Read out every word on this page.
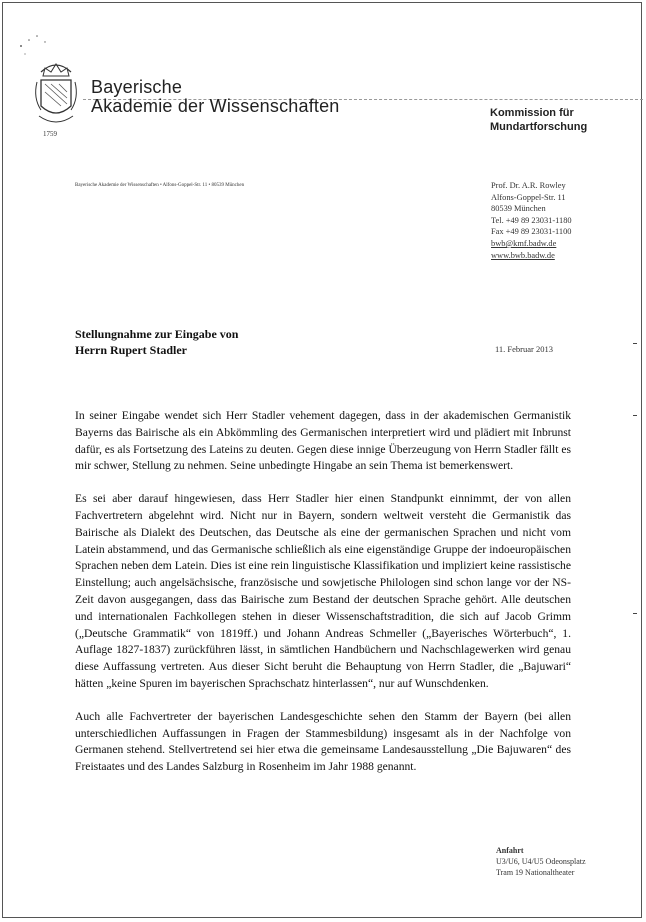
1759
Bayerische
Akademie der Wissenschaften	Kommission für
Mundartforschung
Bayerische Akademie der Wissenschaften • Alfons-Goppel-Str. 11 • 80539 München	Prof. Dr. A.R. Rowley
Alfons-Goppel-Str. 11
80539 München
Tel. +49 89 23031-1180
Fax +49 89 23031-1100
bwb@kmf.badw.de
www.bwb.badw.de
Stellungnahme zur Eingabe von
Herrn Rupert Stadler	11. Februar 2013

In seiner Eingabe wendet sich Herr Stadler vehement dagegen, dass in der akademischen Germanistik Bayerns das Bairische als ein Abkömmling des Germanischen interpretiert wird und plädiert mit Inbrunst dafür, es als Fortsetzung des Lateins zu deuten. Gegen diese innige Überzeugung von Herrn Stadler fällt es mir schwer, Stellung zu nehmen. Seine unbedingte Hingabe an sein Thema ist bemerkenswert.

Es sei aber darauf hingewiesen, dass Herr Stadler hier einen Standpunkt einnimmt, der von allen Fachvertretern abgelehnt wird. Nicht nur in Bayern, sondern weltweit versteht die Germanistik das Bairische als Dialekt des Deutschen, das Deutsche als eine der germanischen Sprachen und nicht vom Latein abstammend, und das Germanische schließlich als eine eigenständige Gruppe der indoeuropäischen Sprachen neben dem Latein. Dies ist eine rein linguistische Klassifikation und impliziert keine rassistische Einstellung; auch angelsächsische, französische und sowjetische Philologen sind schon lange vor der NS-Zeit davon ausgegangen, dass das Bairische zum Bestand der deutschen Sprache gehört. Alle deutschen und internationalen Fachkollegen stehen in dieser Wissenschaftstradition, die sich auf Jacob Grimm („Deutsche Grammatik“ von 1819ff.) und Johann Andreas Schmeller („Bayerisches Wörterbuch“, 1. Auflage 1827-1837) zurückführen lässt, in sämtlichen Handbüchern und Nachschlagewerken wird genau diese Auffassung vertreten. Aus dieser Sicht beruht die Behauptung von Herrn Stadler, die „Bajuwari“ hätten „keine Spuren im bayerischen Sprachschatz hinterlassen“, nur auf Wunschdenken.

Auch alle Fachvertreter der bayerischen Landesgeschichte sehen den Stamm der Bayern (bei allen unterschiedlichen Auffassungen in Fragen der Stammesbildung) insgesamt als in der Nachfolge von Germanen stehend. Stellvertretend sei hier etwa die gemeinsame Landesausstellung „Die Bajuwaren“ des Freistaates und des Landes Salzburg in Rosenheim im Jahr 1988 genannt.

Anfahrt
U3/U6, U4/U5 Odeonsplatz
Tram 19 Nationaltheater
